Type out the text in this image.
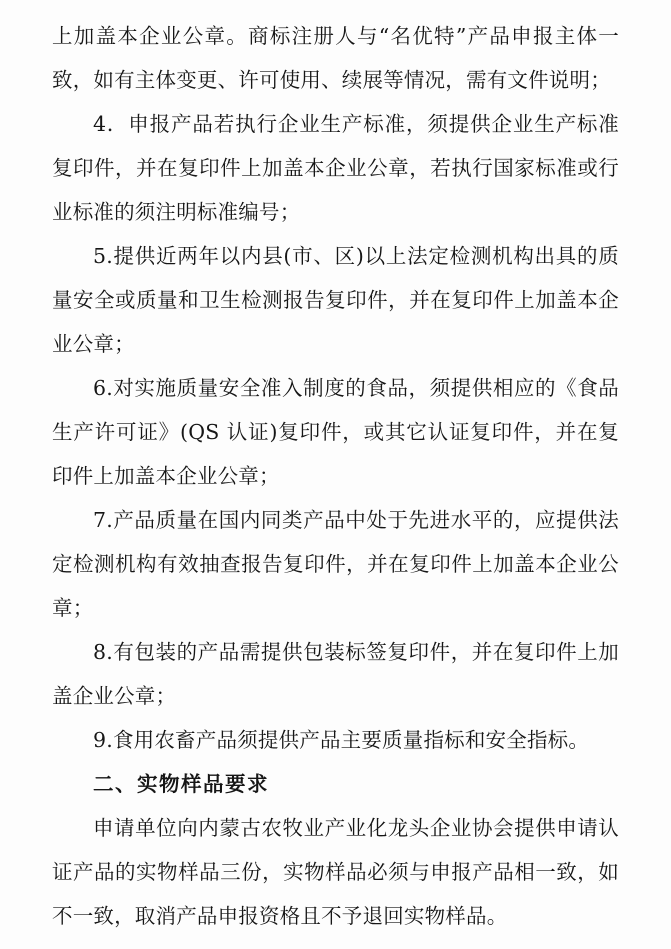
上加盖本企业公章。商标注册人与“名优特”产品申报主体一致，如有主体变更、许可使用、续展等情况，需有文件说明；

4．申报产品若执行企业生产标准，须提供企业生产标准复印件，并在复印件上加盖本企业公章，若执行国家标准或行业标准的须注明标准编号；

5.提供近两年以内县(市、区)以上法定检测机构出具的质量安全或质量和卫生检测报告复印件，并在复印件上加盖本企业公章；

6.对实施质量安全准入制度的食品，须提供相应的《食品生产许可证》(QS 认证)复印件，或其它认证复印件，并在复印件上加盖本企业公章；

7.产品质量在国内同类产品中处于先进水平的，应提供法定检测机构有效抽查报告复印件，并在复印件上加盖本企业公章；

8.有包装的产品需提供包装标签复印件，并在复印件上加盖企业公章；

9.食用农畜产品须提供产品主要质量指标和安全指标。

二、实物样品要求

申请单位向内蒙古农牧业产业化龙头企业协会提供申请认证产品的实物样品三份，实物样品必须与申报产品相一致，如不一致，取消产品申报资格且不予退回实物样品。
